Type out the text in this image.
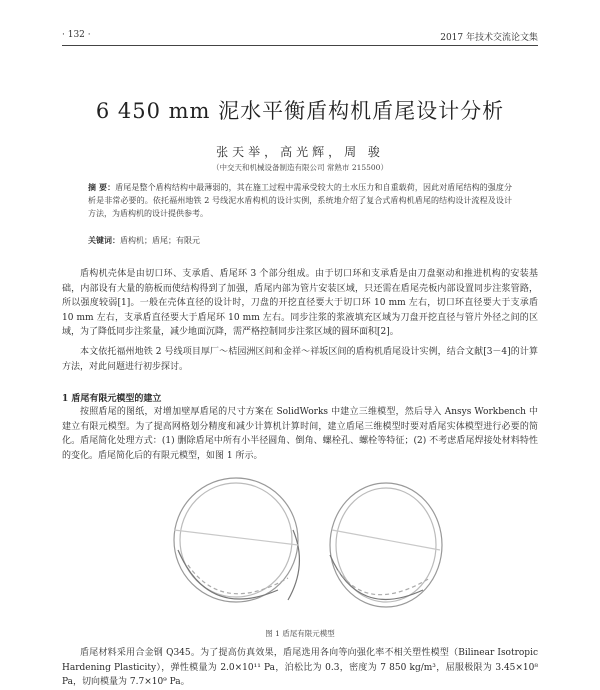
· 132 ·	2017 年技术交流论文集
6 450 mm 泥水平衡盾构机盾尾设计分析
张天举，高光辉，周 骏
（中交天和机械设备制造有限公司 常熟市 215500）
摘 要：盾尾是整个盾构结构中最薄弱的，其在施工过程中需承受较大的土水压力和自重载荷，因此对盾尾结构的强度分析是非常必要的。依托福州地铁 2 号线泥水盾构机的设计实例，系统地介绍了复合式盾构机盾尾的结构设计流程及设计方法，为盾构机的设计提供参考。
关键词：盾构机；盾尾；有限元
盾构机壳体是由切口环、支承盾、盾尾环 3 个部分组成。由于切口环和支承盾是由刀盘驱动和推进机构的安装基础，内部设有大量的筋板而使结构得到了加强，盾尾内部为管片安装区域，只还需在盾尾壳板内部设置同步注浆管路，所以强度较弱[1]。一般在壳体直径的设计时，刀盘的开挖直径要大于切口环 10 mm 左右，切口环直径要大于支承盾 10 mm 左右，支承盾直径要大于盾尾环 10 mm 左右。同步注浆的浆液填充区域为刀盘开挖直径与管片外径之间的区域，为了降低同步注浆量，减少地面沉降，需严格控制同步注浆区域的圆环面积[2]。
本文依托福州地铁 2 号线项目厚厂～桔园洲区间和金祥～祥坂区间的盾构机盾尾设计实例，结合文献[3－4]的计算方法，对此问题进行初步探讨。
1 盾尾有限元模型的建立
按照盾尾的图纸，对增加壁厚盾尾的尺寸方案在 SolidWorks 中建立三维模型，然后导入 Ansys Workbench 中建立有限元模型。为了提高网格划分精度和减少计算机计算时间，建立盾尾三维模型时要对盾尾实体模型进行必要的简化。盾尾简化处理方式：(1) 删除盾尾中所有小半径圆角、倒角、螺栓孔、螺栓等特征；(2) 不考虑盾尾焊接处材料特性的变化。盾尾简化后的有限元模型，如图 1 所示。
图 1 盾尾有限元模型
盾尾材料采用合金钢 Q345。为了提高仿真效果，盾尾选用各向等向强化率不相关塑性模型（Bilinear Isotropic Hardening Plasticity），弹性模量为 2.0×10¹¹ Pa，泊松比为 0.3，密度为 7 850 kg/m³，屈服极限为 3.45×10⁸ Pa，切向模量为 7.7×10⁹ Pa。
